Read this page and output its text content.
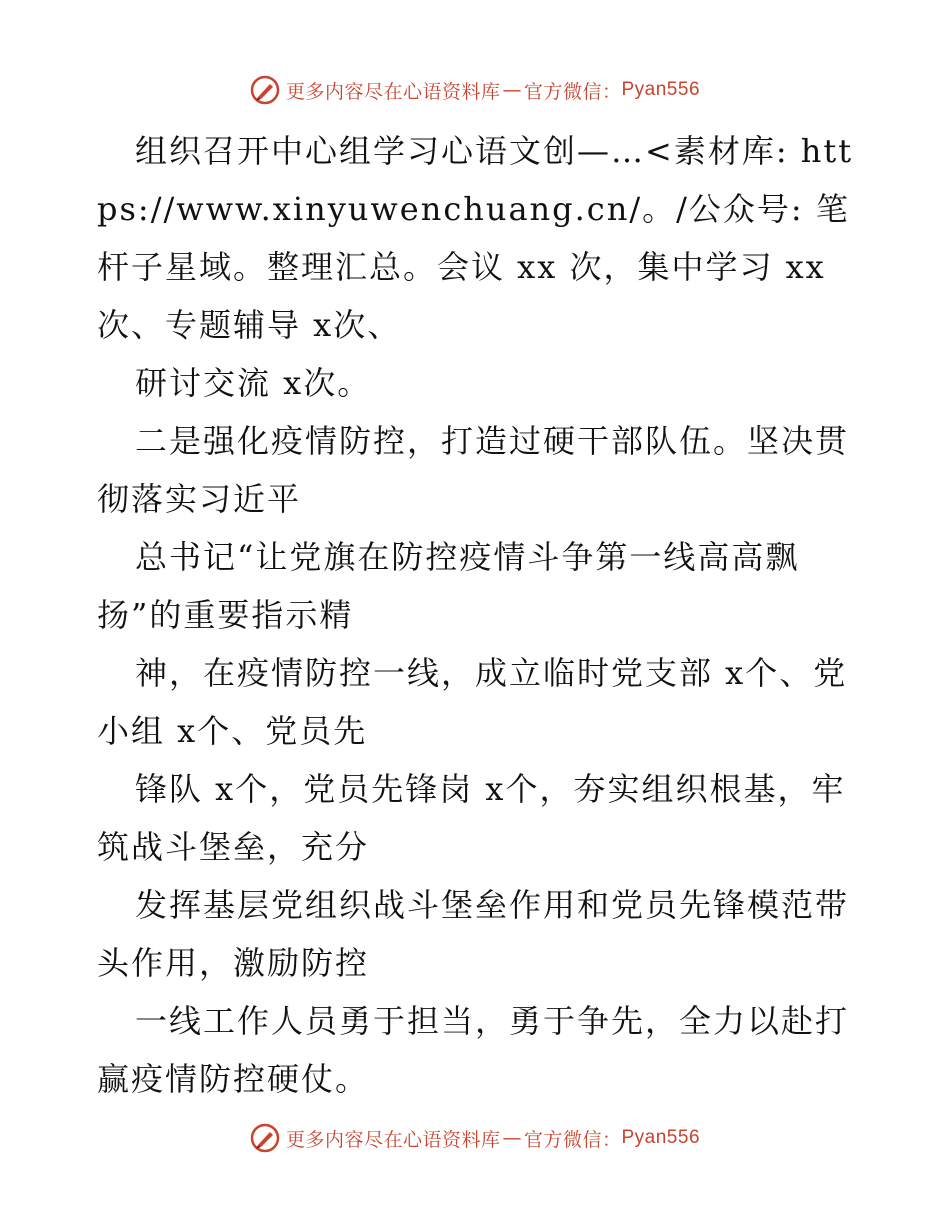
更多内容尽在心语资料库 — 官方微信： Pyan556

组织召开中心组学习心语文创—…<素材库: https://www.xinyuwenchuang.cn/。/公众号: 笔杆子星域。整理汇总。会议 xx 次，集中学习 xx 次、专题辅导 x次、

研讨交流 x次。

二是强化疫情防控，打造过硬干部队伍。坚决贯彻落实习近平

总书记“让党旗在防控疫情斗争第一线高高飘扬”的重要指示精

神，在疫情防控一线，成立临时党支部 x个、党小组 x个、党员先

锋队 x个，党员先锋岗 x个，夯实组织根基，牢筑战斗堡垒，充分

发挥基层党组织战斗堡垒作用和党员先锋模范带头作用，激励防控

一线工作人员勇于担当，勇于争先，全力以赴打赢疫情防控硬仗。

更多内容尽在心语资料库 — 官方微信： Pyan556
